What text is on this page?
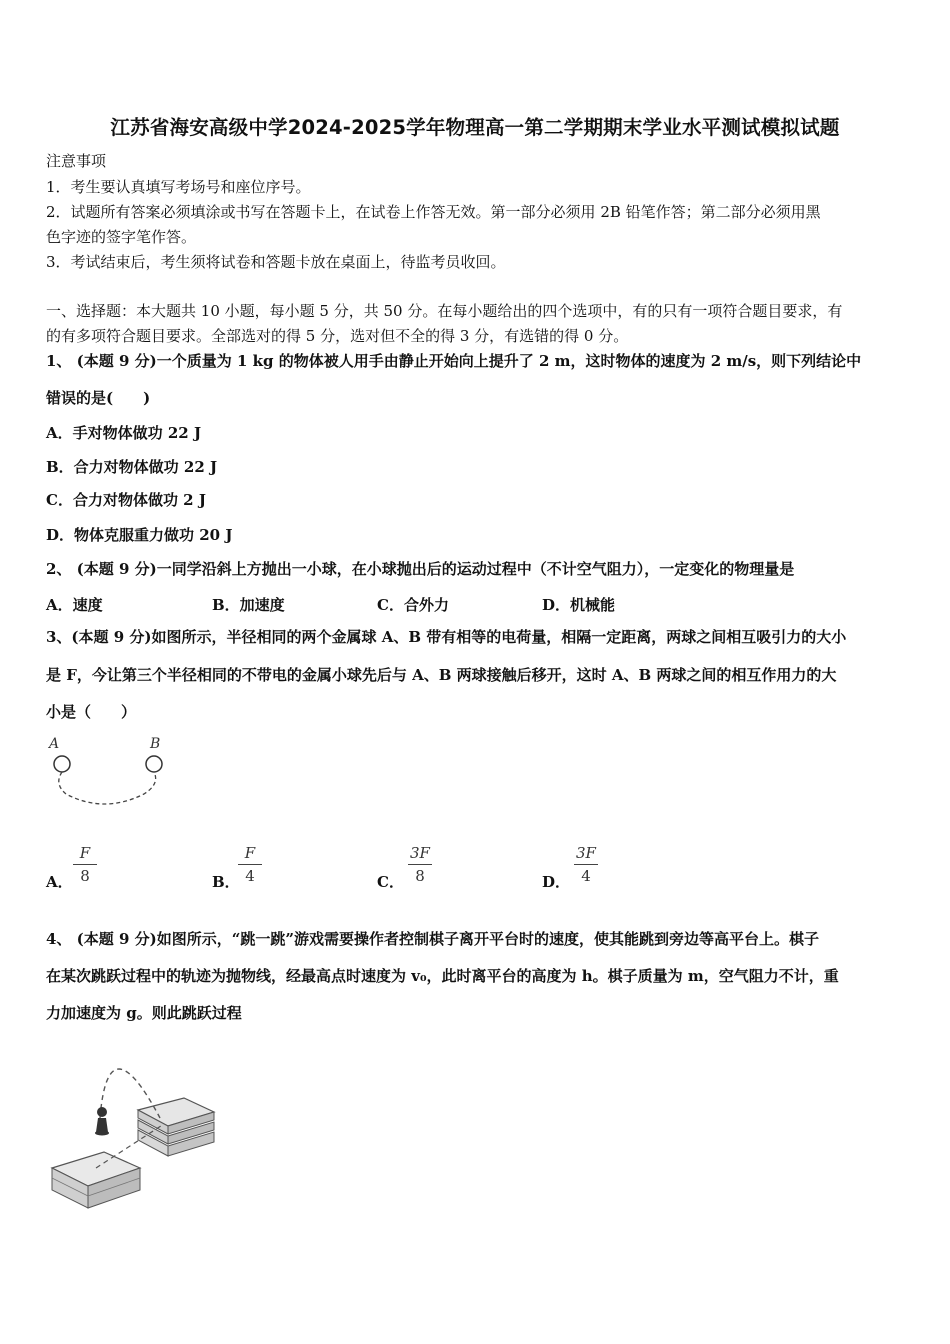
江苏省海安高级中学2024-2025学年物理高一第二学期期末学业水平测试模拟试题
注意事项
1．考生要认真填写考场号和座位序号。
2．试题所有答案必须填涂或书写在答题卡上，在试卷上作答无效。第一部分必须用 2B 铅笔作答；第二部分必须用黑
色字迹的签字笔作答。
3．考试结束后，考生须将试卷和答题卡放在桌面上，待监考员收回。
一、选择题：本大题共 10 小题，每小题 5 分，共 50 分。在每小题给出的四个选项中，有的只有一项符合题目要求，有
的有多项符合题目要求。全部选对的得 5 分，选对但不全的得 3 分，有选错的得 0 分。
1、 (本题 9 分)一个质量为 1 kg 的物体被人用手由静止开始向上提升了 2 m，这时物体的速度为 2 m/s，则下列结论中
错误的是(　　)
A．手对物体做功 22 J
B．合力对物体做功 22 J
C．合力对物体做功 2 J
D．物体克服重力做功 20 J
2、 (本题 9 分)一同学沿斜上方抛出一小球，在小球抛出后的运动过程中（不计空气阻力），一定变化的物理量是
A．速度	B．加速度	C．合外力	D．机械能
3、(本题 9 分)如图所示，半径相同的两个金属球 A、B 带有相等的电荷量，相隔一定距离，两球之间相互吸引力的大小
是 F，今让第三个半径相同的不带电的金属小球先后与 A、B 两球接触后移开，这时 A、B 两球之间的相互作用力的大
小是（　　）
A	B
A．
F
8	B．
F
4	C．
3F
8	D．
3F
4
4、 (本题 9 分)如图所示，“跳一跳”游戏需要操作者控制棋子离开平台时的速度，使其能跳到旁边等高平台上。棋子
在某次跳跃过程中的轨迹为抛物线，经最高点时速度为 v₀，此时离平台的高度为 h。棋子质量为 m，空气阻力不计，重
力加速度为 g。则此跳跃过程
